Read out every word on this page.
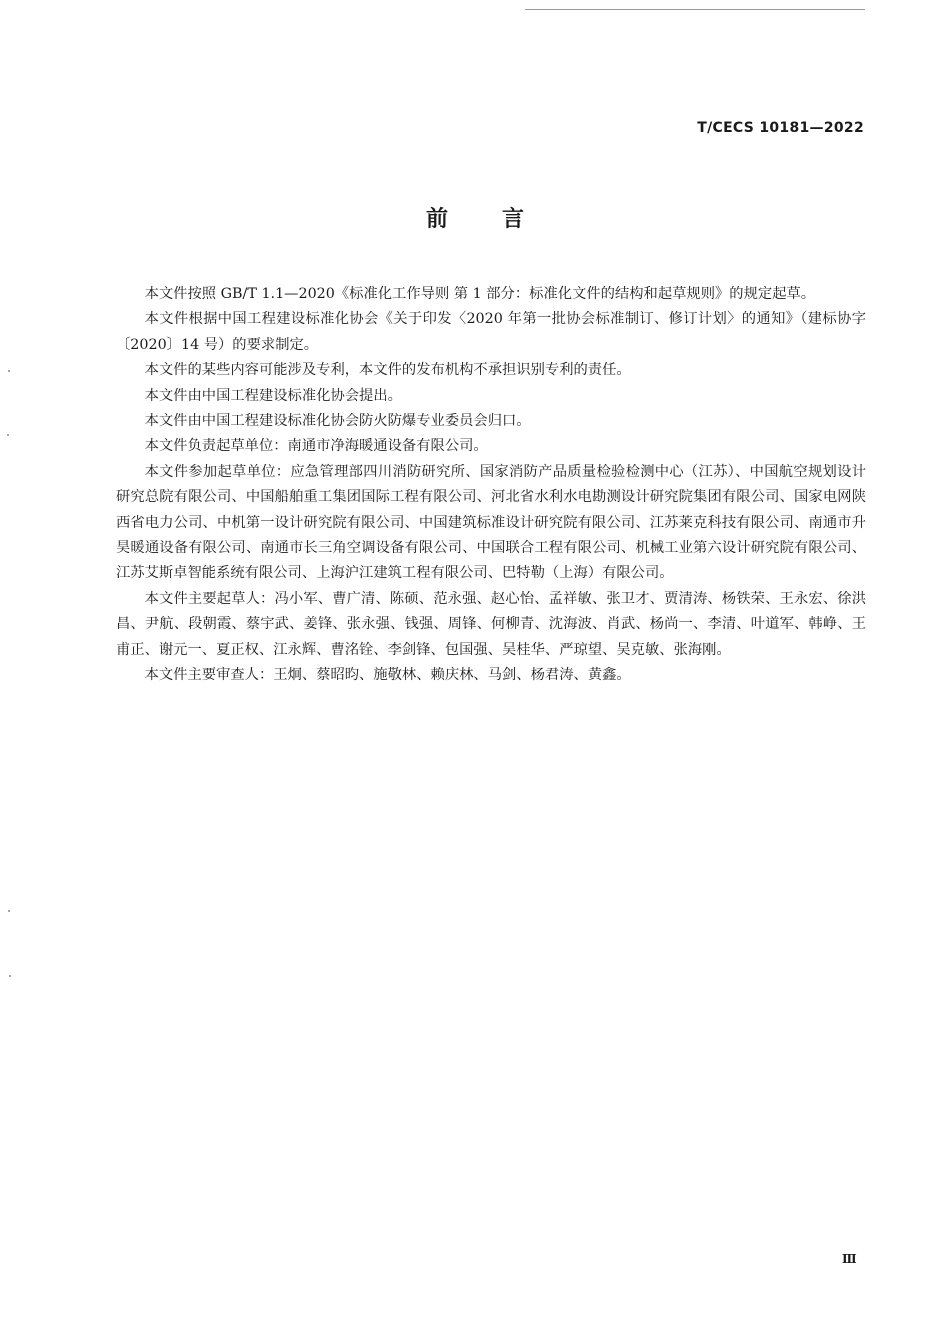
T/CECS 10181—2022
前言

本文件按照 GB/T 1.1—2020《标准化工作导则 第 1 部分：标准化文件的结构和起草规则》的规定起草。

本文件根据中国工程建设标准化协会《关于印发〈2020 年第一批协会标准制订、修订计划〉的通知》（建标协字〔2020〕14 号）的要求制定。

本文件的某些内容可能涉及专利，本文件的发布机构不承担识别专利的责任。

本文件由中国工程建设标准化协会提出。

本文件由中国工程建设标准化协会防火防爆专业委员会归口。

本文件负责起草单位：南通市净海暖通设备有限公司。

本文件参加起草单位：应急管理部四川消防研究所、国家消防产品质量检验检测中心（江苏）、中国航空规划设计研究总院有限公司、中国船舶重工集团国际工程有限公司、河北省水利水电勘测设计研究院集团有限公司、国家电网陕西省电力公司、中机第一设计研究院有限公司、中国建筑标准设计研究院有限公司、江苏莱克科技有限公司、南通市升昊暖通设备有限公司、南通市长三角空调设备有限公司、中国联合工程有限公司、机械工业第六设计研究院有限公司、江苏艾斯卓智能系统有限公司、上海沪江建筑工程有限公司、巴特勒（上海）有限公司。

本文件主要起草人：冯小军、曹广清、陈硕、范永强、赵心怡、孟祥敏、张卫才、贾清涛、杨铁荣、王永宏、徐洪昌、尹航、段朝霞、蔡宇武、姜锋、张永强、钱强、周锋、何柳青、沈海波、肖武、杨尚一、李清、叶道军、韩峥、王甫正、谢元一、夏正权、江永辉、曹洺铨、李剑锋、包国强、吴桂华、严琼望、吴克敏、张海刚。

本文件主要审查人：王炯、蔡昭昀、施敬林、赖庆林、马剑、杨君涛、黄鑫。

Ⅲ
